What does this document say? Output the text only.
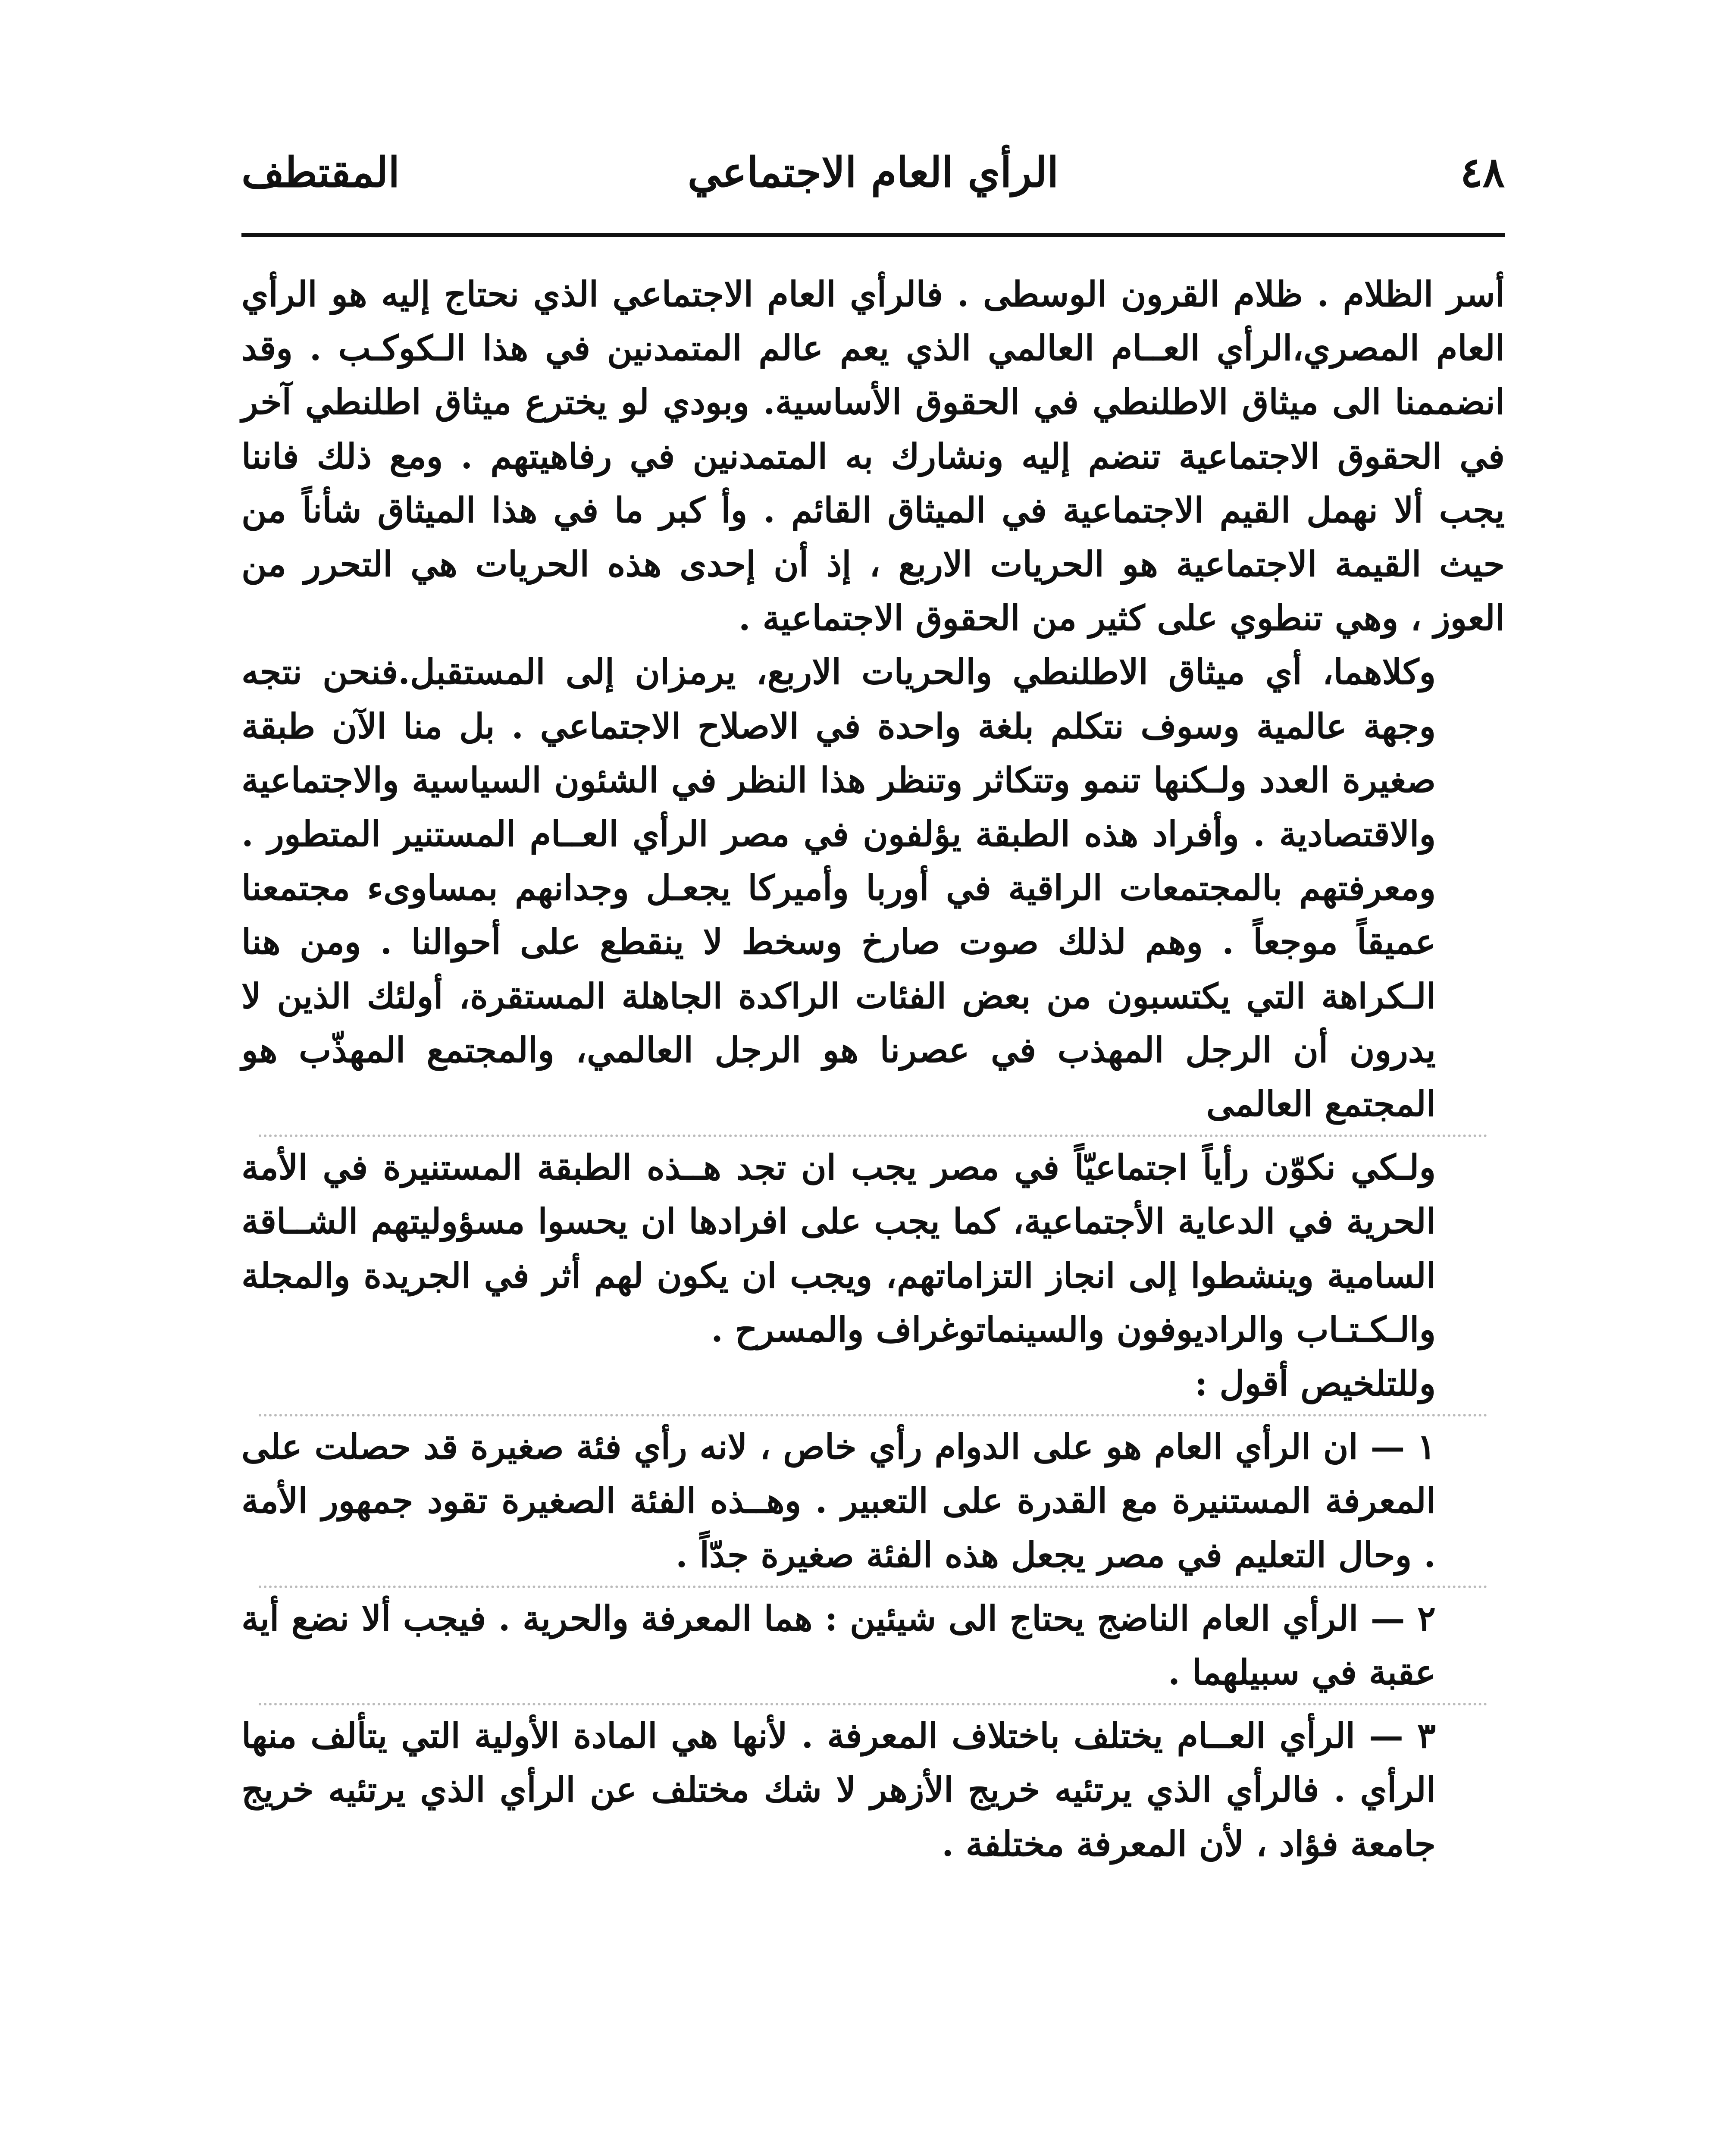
٤٨
الرأي العام الاجتماعي
المقتطف

أسر الظلام . ظلام القرون الوسطى . فالرأي العام الاجتماعي الذي نحتاج إليه هو الرأي العام المصري،الرأي العــام العالمي الذي يعم عالم المتمدنين في هذا الـكوكـب . وقد انضممنا الى ميثاق الاطلنطي في الحقوق الأساسية. وبودي لو يخترع ميثاق اطلنطي آخر في الحقوق الاجتماعية تنضم إليه ونشارك به المتمدنين في رفاهيتهم . ومع ذلك فاننا يجب ألا نهمل القيم الاجتماعية في الميثاق القائم . وأ كبر ما في هذا الميثاق شأناً من حيث القيمة الاجتماعية هو الحريات الاربع ، إذ أن إحدى هذه الحريات هي التحرر من العوز ، وهي تنطوي على كثير من الحقوق الاجتماعية .

وكلاهما، أي ميثاق الاطلنطي والحريات الاربع، يرمزان إلى المستقبل.فنحن نتجه وجهة عالمية وسوف نتكلم بلغة واحدة في الاصلاح الاجتماعي . بل منا الآن طبقة صغيرة العدد ولـكنها تنمو وتتكاثر وتنظر هذا النظر في الشئون السياسية والاجتماعية والاقتصادية . وأفراد هذه الطبقة يؤلفون في مصر الرأي العــام المستنير المتطور . ومعرفتهم بالمجتمعات الراقية في أوربا وأميركا يجعـل وجدانهم بمساوىء مجتمعنا عميقاً موجعاً . وهم لذلك صوت صارخ وسخط لا ينقطع على أحوالنا . ومن هنا الـكراهة التي يكتسبون من بعض الفئات الراكدة الجاهلة المستقرة، أولئك الذين لا يدرون أن الرجل المهذب في عصرنا هو الرجل العالمي، والمجتمع المهذّب هو المجتمع العالمى

ولـكي نكوّن رأياً اجتماعيّاً في مصر يجب ان تجد هــذه الطبقة المستنيرة في الأمة الحرية في الدعاية الأجتماعية، كما يجب على افرادها ان يحسوا مسؤوليتهم الشــاقة السامية وينشطوا إلى انجاز التزاماتهم، ويجب ان يكون لهم أثر في الجريدة والمجلة والـكـتـاب والراديوفون والسينماتوغراف والمسرح .

وللتلخيص أقول :

١ — ان الرأي العام هو على الدوام رأي خاص ، لانه رأي فئة صغيرة قد حصلت على المعرفة المستنيرة مع القدرة على التعبير . وهــذه الفئة الصغيرة تقود جمهور الأمة . وحال التعليم في مصر يجعل هذه الفئة صغيرة جدّاً .

٢ — الرأي العام الناضج يحتاج الى شيئين : هما المعرفة والحرية . فيجب ألا نضع أية عقبة في سبيلهما .

٣ — الرأي العــام يختلف باختلاف المعرفة . لأنها هي المادة الأولية التي يتألف منها الرأي . فالرأي الذي يرتئيه خريج الأزهر لا شك مختلف عن الرأي الذي يرتئيه خريج جامعة فؤاد ، لأن المعرفة مختلفة .
